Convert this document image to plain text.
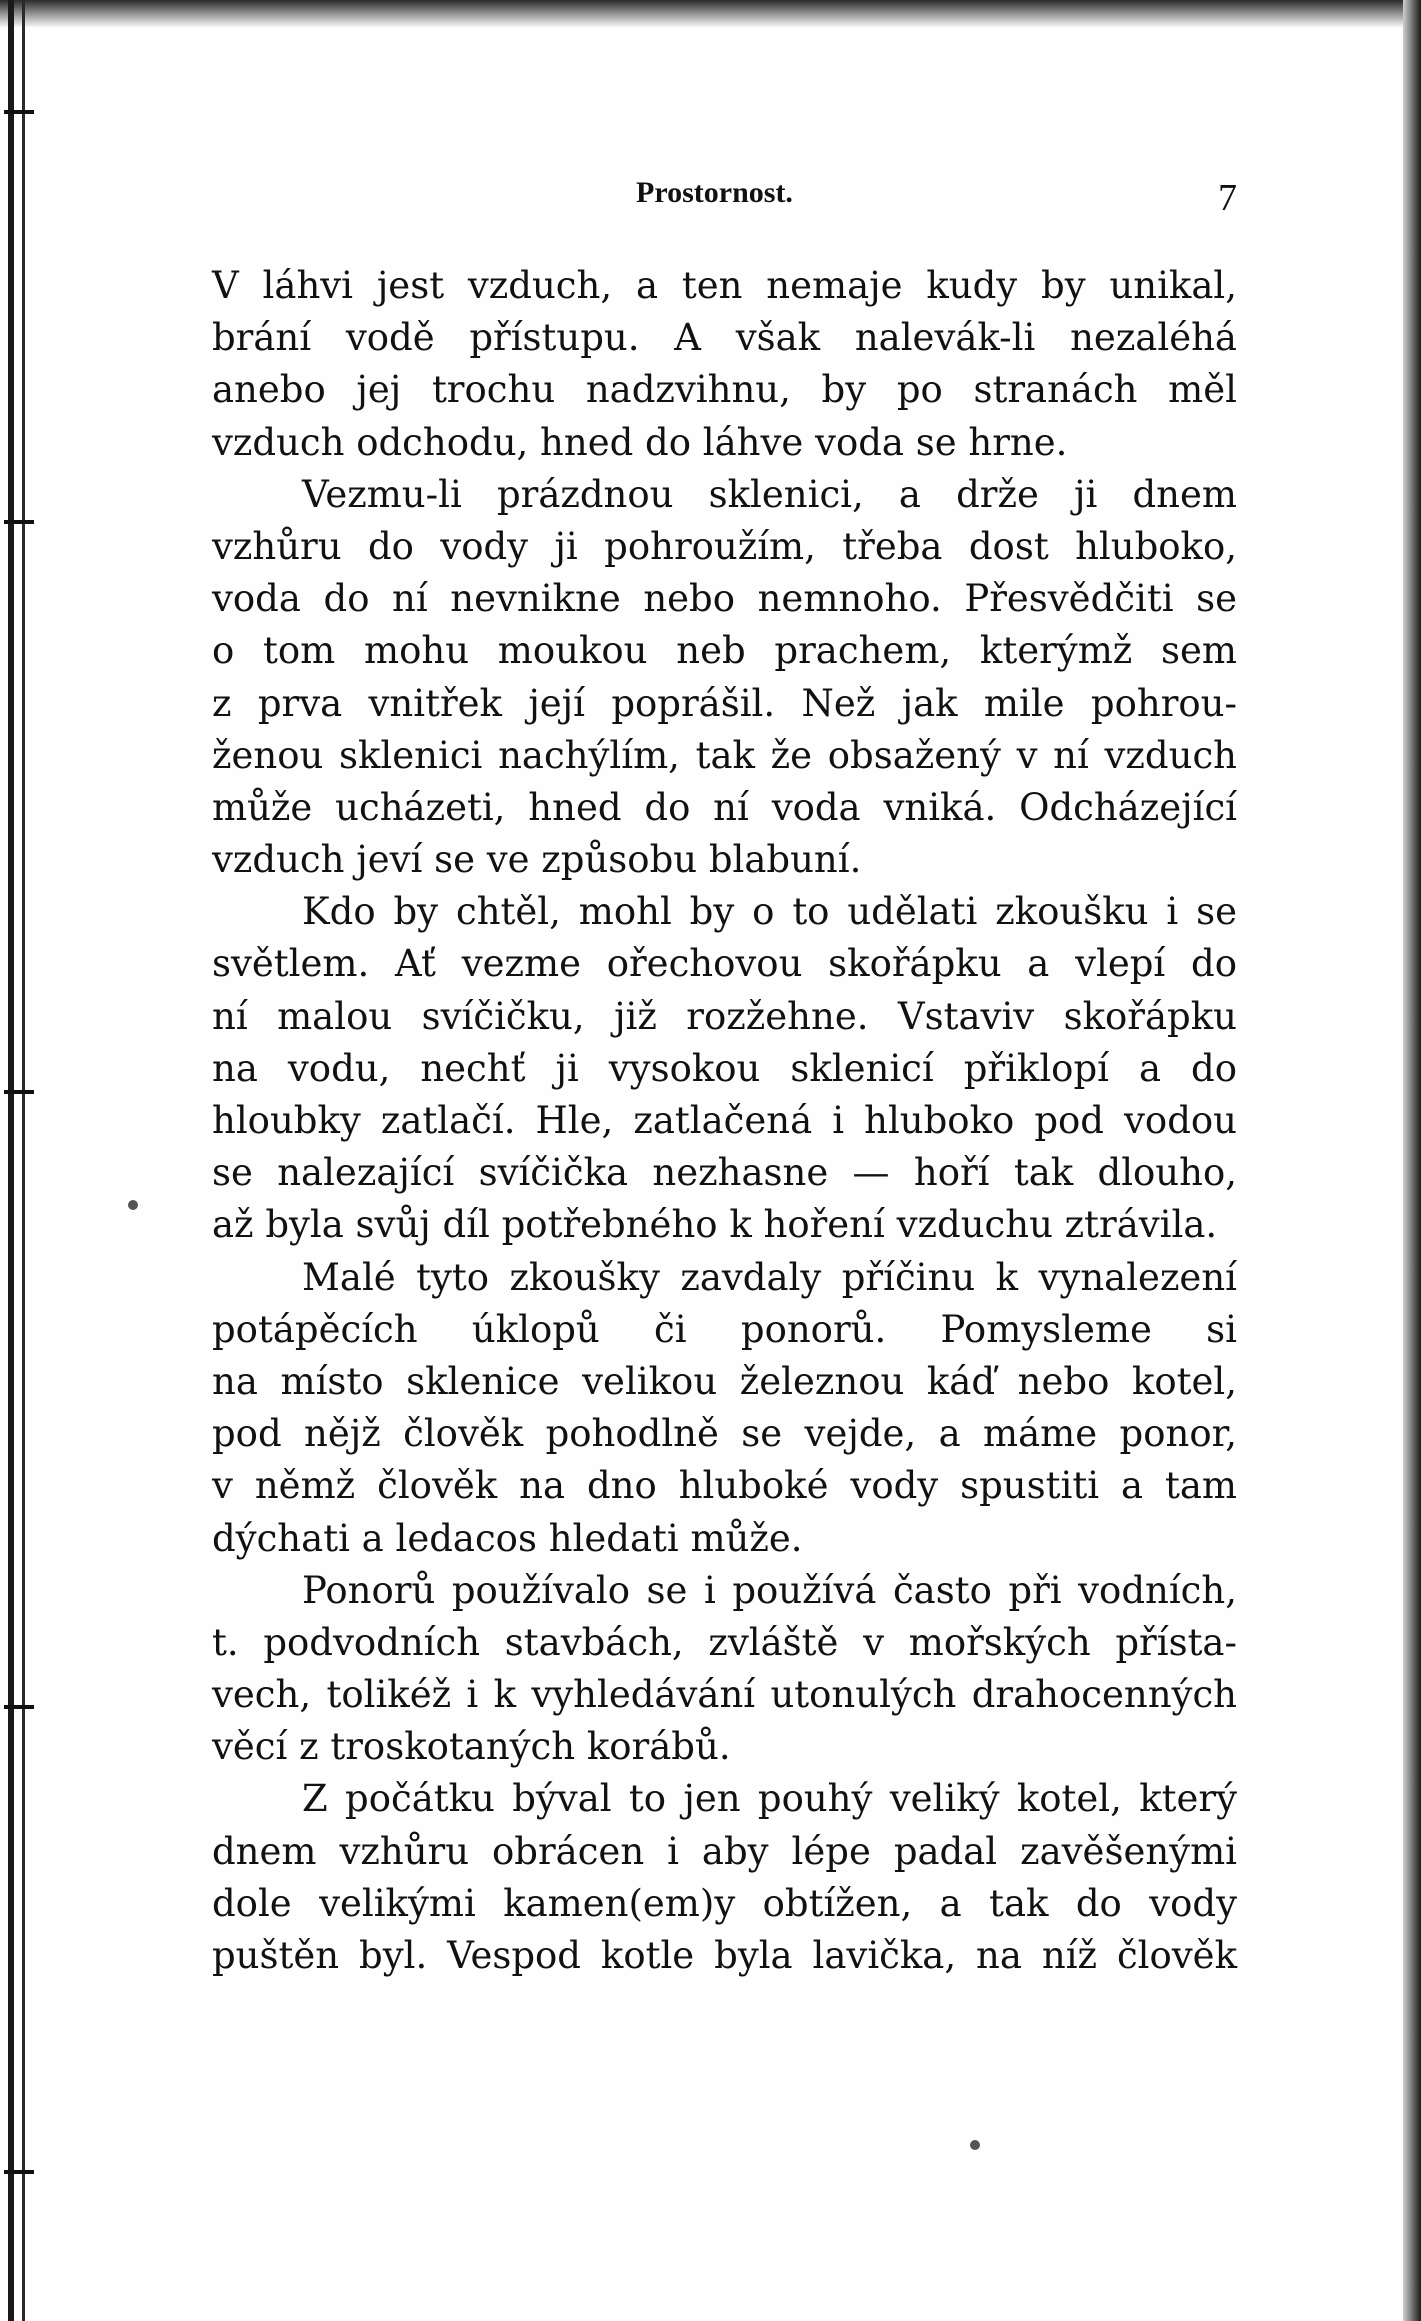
Prostornost.	7
V láhvi jest vzduch, a ten nemaje kudy by unikal,
brání vodě přístupu. A však nalevák-li nezaléhá
anebo jej trochu nadzvihnu, by po stranách měl
vzduch odchodu, hned do láhve voda se hrne.
Vezmu-li prázdnou sklenici, a drže ji dnem
vzhůru do vody ji pohroužím, třeba dost hluboko,
voda do ní nevnikne nebo nemnoho. Přesvědčiti se
o tom mohu moukou neb prachem, kterýmž sem
z prva vnitřek její poprášil. Než jak mile pohrou-
ženou sklenici nachýlím, tak že obsažený v ní vzduch
může ucházeti, hned do ní voda vniká. Odcházející
vzduch jeví se ve způsobu blabuní.
Kdo by chtěl, mohl by o to udělati zkoušku i se
světlem. Ať vezme ořechovou skořápku a vlepí do
ní malou svíčičku, již rozžehne. Vstaviv skořápku
na vodu, nechť ji vysokou sklenicí přiklopí a do
hloubky zatlačí. Hle, zatlačená i hluboko pod vodou
se nalezající svíčička nezhasne — hoří tak dlouho,
až byla svůj díl potřebného k hoření vzduchu ztrávila.
Malé tyto zkoušky zavdaly příčinu k vynalezení
potápěcích úklopů či ponorů. Pomysleme si
na místo sklenice velikou železnou káď nebo kotel,
pod nějž člověk pohodlně se vejde, a máme ponor,
v němž člověk na dno hluboké vody spustiti a tam
dýchati a ledacos hledati může.
Ponorů používalo se i používá často při vodních,
t. podvodních stavbách, zvláště v mořských přísta-
vech, tolikéž i k vyhledávání utonulých drahocenných
věcí z troskotaných korábů.
Z počátku býval to jen pouhý veliký kotel, který
dnem vzhůru obrácen i aby lépe padal zavěšenými
dole velikými kamen(em)y obtížen, a tak do vody
puštěn byl. Vespod kotle byla lavička, na níž člověk
